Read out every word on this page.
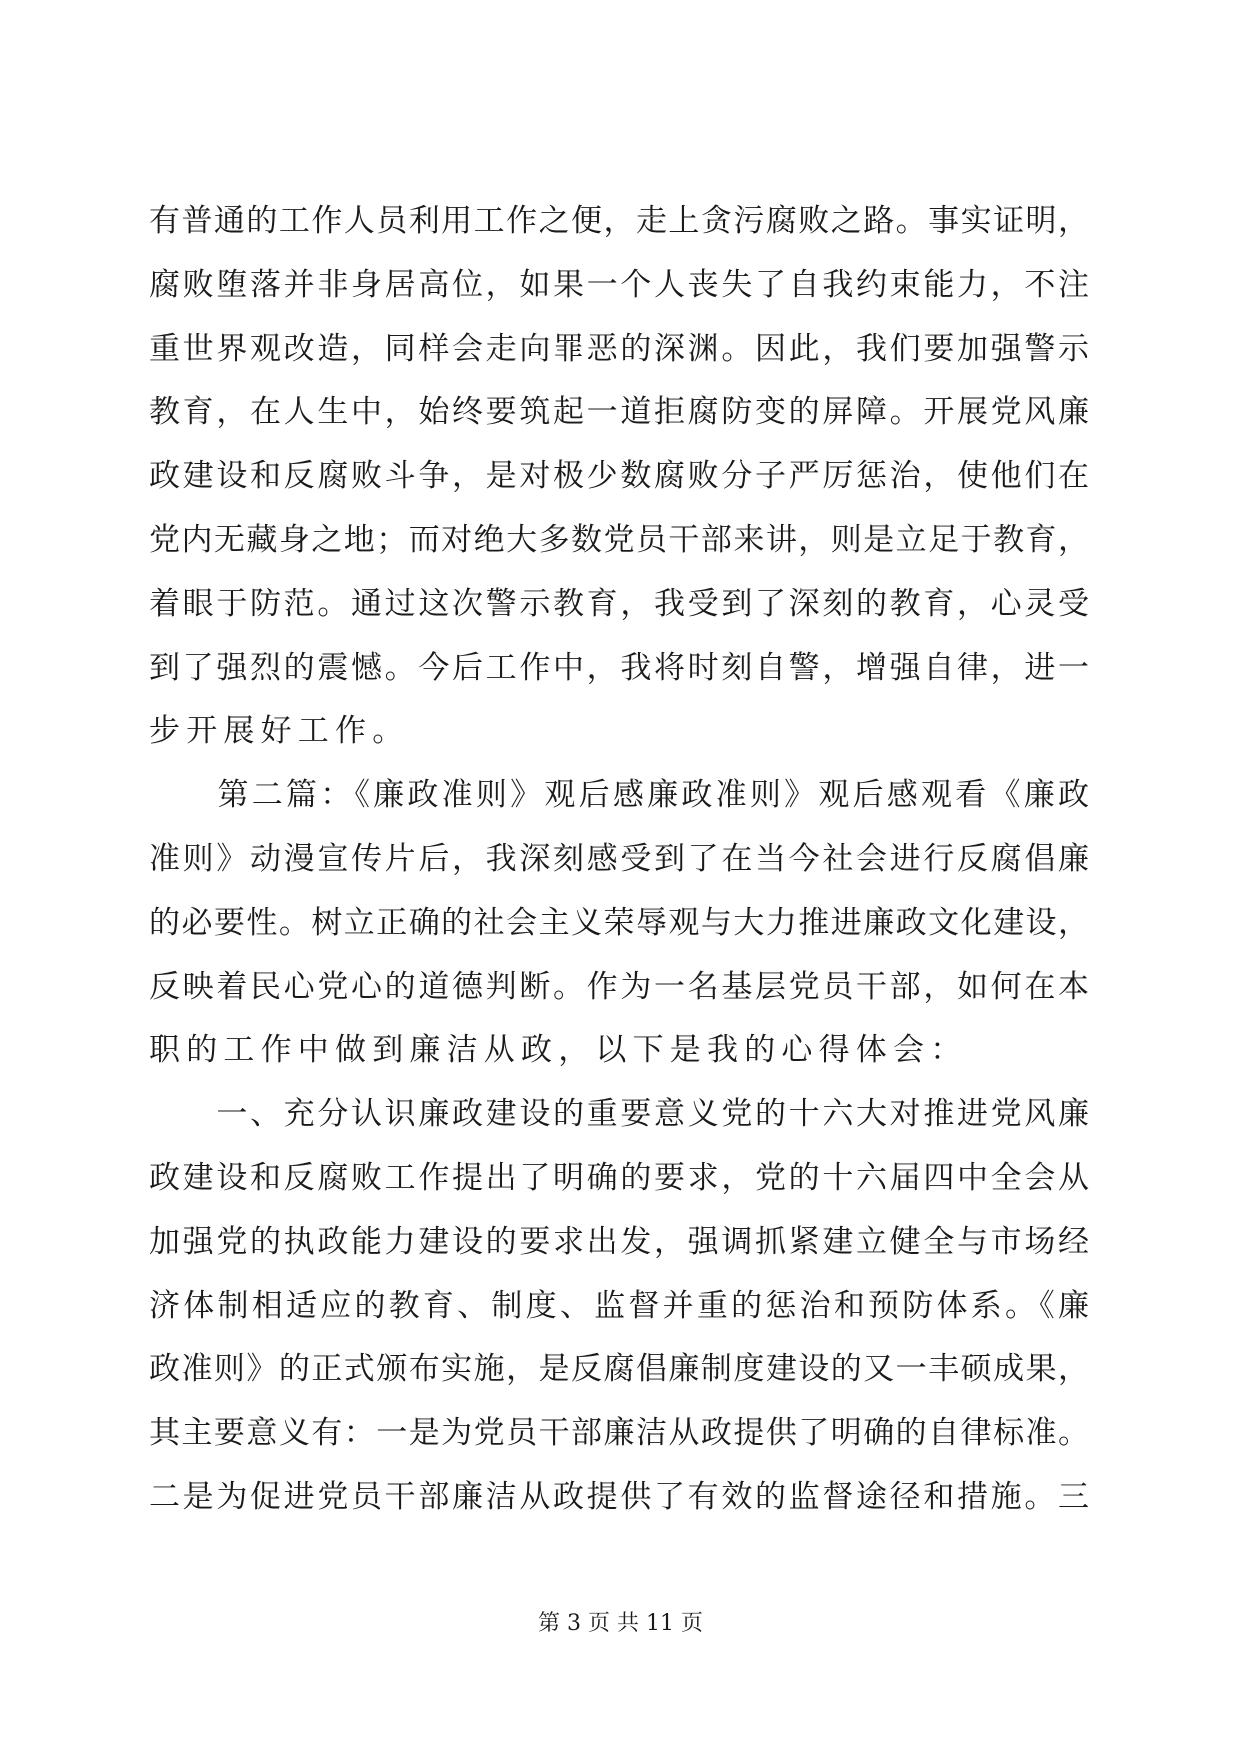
有普通的工作人员利用工作之便，走上贪污腐败之路。事实证明，
腐败堕落并非身居高位，如果一个人丧失了自我约束能力，不注
重世界观改造，同样会走向罪恶的深渊。因此，我们要加强警示
教育，在人生中，始终要筑起一道拒腐防变的屏障。开展党风廉
政建设和反腐败斗争，是对极少数腐败分子严厉惩治，使他们在
党内无藏身之地；而对绝大多数党员干部来讲，则是立足于教育，
着眼于防范。通过这次警示教育，我受到了深刻的教育，心灵受
到了强烈的震憾。今后工作中，我将时刻自警，增强自律，进一
步开展好工作。
　　第二篇：《廉政准则》观后感廉政准则》观后感观看《廉政
准则》动漫宣传片后，我深刻感受到了在当今社会进行反腐倡廉
的必要性。树立正确的社会主义荣辱观与大力推进廉政文化建设，
反映着民心党心的道德判断。作为一名基层党员干部，如何在本
职的工作中做到廉洁从政，以下是我的心得体会：
　　一、充分认识廉政建设的重要意义党的十六大对推进党风廉
政建设和反腐败工作提出了明确的要求，党的十六届四中全会从
加强党的执政能力建设的要求出发，强调抓紧建立健全与市场经
济体制相适应的教育、制度、监督并重的惩治和预防体系。《廉
政准则》的正式颁布实施，是反腐倡廉制度建设的又一丰硕成果，
其主要意义有：一是为党员干部廉洁从政提供了明确的自律标准。
二是为促进党员干部廉洁从政提供了有效的监督途径和措施。三
第 3 页 共 11 页
